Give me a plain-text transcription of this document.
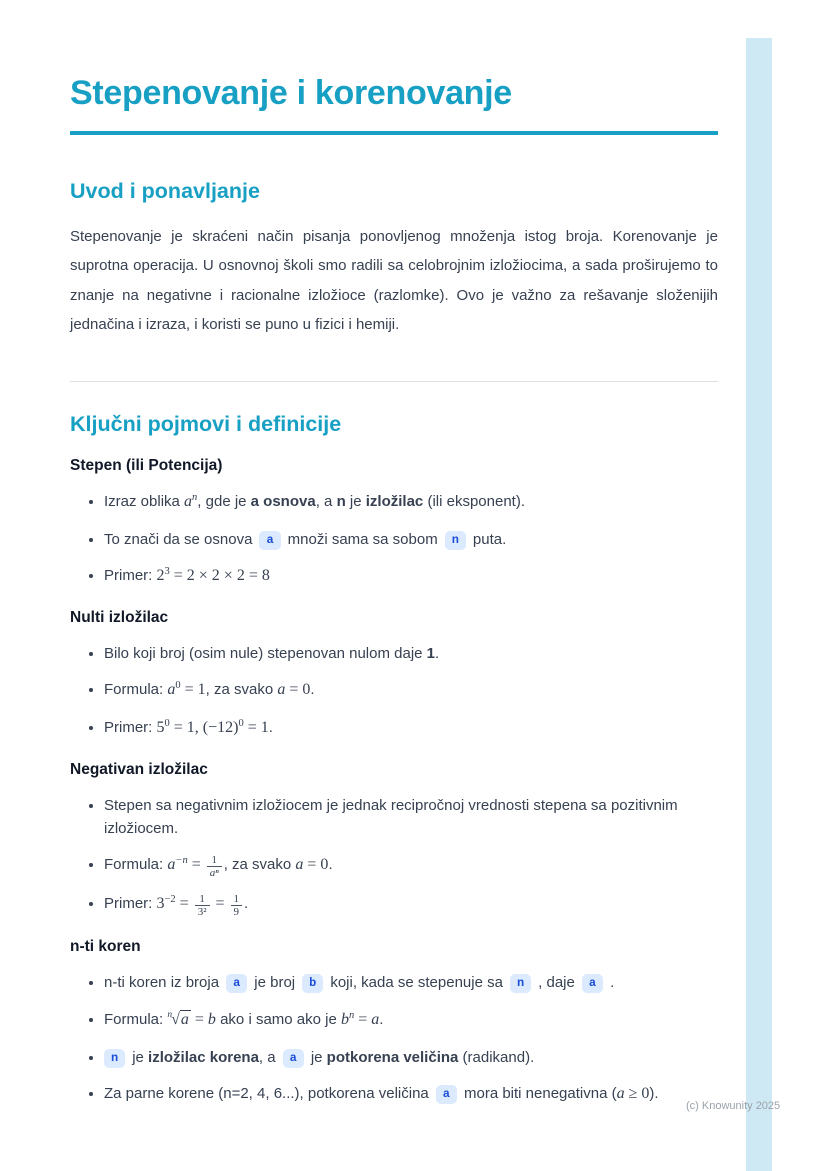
Stepenovanje i korenovanje
Uvod i ponavljanje

Stepenovanje je skraćeni način pisanja ponovljenog množenja istog broja. Korenovanje je suprotna operacija. U osnovnoj školi smo radili sa celobrojnim izložiocima, a sada proširujemo to znanje na negativne i racionalne izložioce (razlomke). Ovo je važno za rešavanje složenijih jednačina i izraza, i koristi se puno u fizici i hemiji.

Ključni pojmovi i definicije
Stepen (ili Potencija)
• Izraz oblika $a^n$, gde je a osnova, a n je izložilac (ili eksponent).
• To znači da se osnova a množi sama sa sobom n puta.
• Primer: $2^3 = 2 \times 2 \times 2 = 8$
Nulti izložilac
• Bilo koji broj (osim nule) stepenovan nulom daje 1.
• Formula: $a^0 = 1$, za svako a = 0.
• Primer: $5^0 = 1$, $(-12)^0 = 1$.
Negativan izložilac
• Stepen sa negativnim izložiocem je jednak recipročnoj vrednosti stepena sa pozitivnim izložiocem.
• Formula: $a^{-n} = \frac{1}{\text{aⁿ}}$ , za svako a = 0.
• Primer: $3^{-2} = \frac{1}{\text{3²}} = \frac{1}{9}$ .
n-ti koren
• n-ti koren iz broja a je broj b koji, kada se stepenuje sa n , daje a .
• Formula: $^n$√a = b ako i samo ako je $b^n = a$.
• n je izložilac korena, a a je potkorena veličina (radikand).
• Za parne korene (n=2, 4, 6...), potkorena veličina a mora biti nenegativna (a ≥ 0).
(c) Knowunity 2025
